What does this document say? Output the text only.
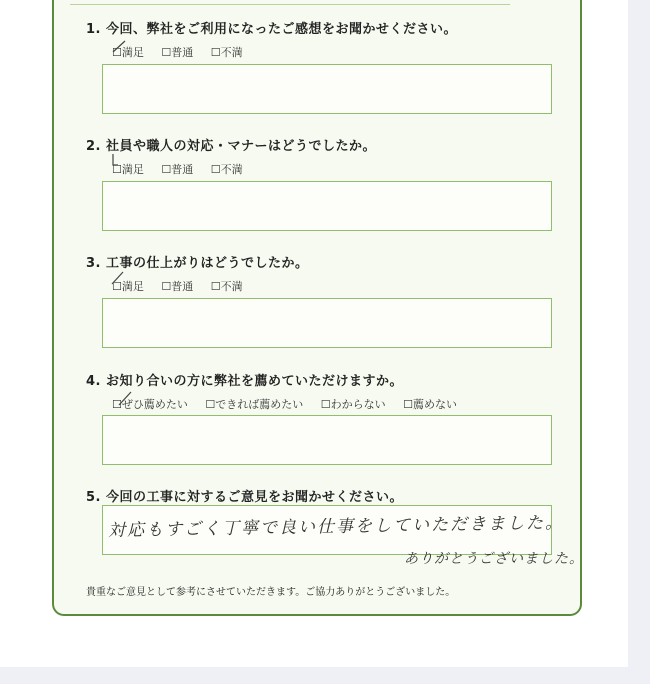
1. 今回、弊社をご利用になったご感想をお聞かせください。
☐満足 ☐普通 ☐不満
2. 社員や職人の対応・マナーはどうでしたか。
☐満足 ☐普通 ☐不満
3. 工事の仕上がりはどうでしたか。
☐満足 ☐普通 ☐不満
4. お知り合いの方に弊社を薦めていただけますか。
☐ぜひ薦めたい ☐できれば薦めたい ☐わからない ☐薦めない
5. 今回の工事に対するご意見をお聞かせください。
対応もすごく丁寧で良い仕事をしていただきました。
ありがとうございました。
貴重なご意見として参考にさせていただきます。ご協力ありがとうございました。
